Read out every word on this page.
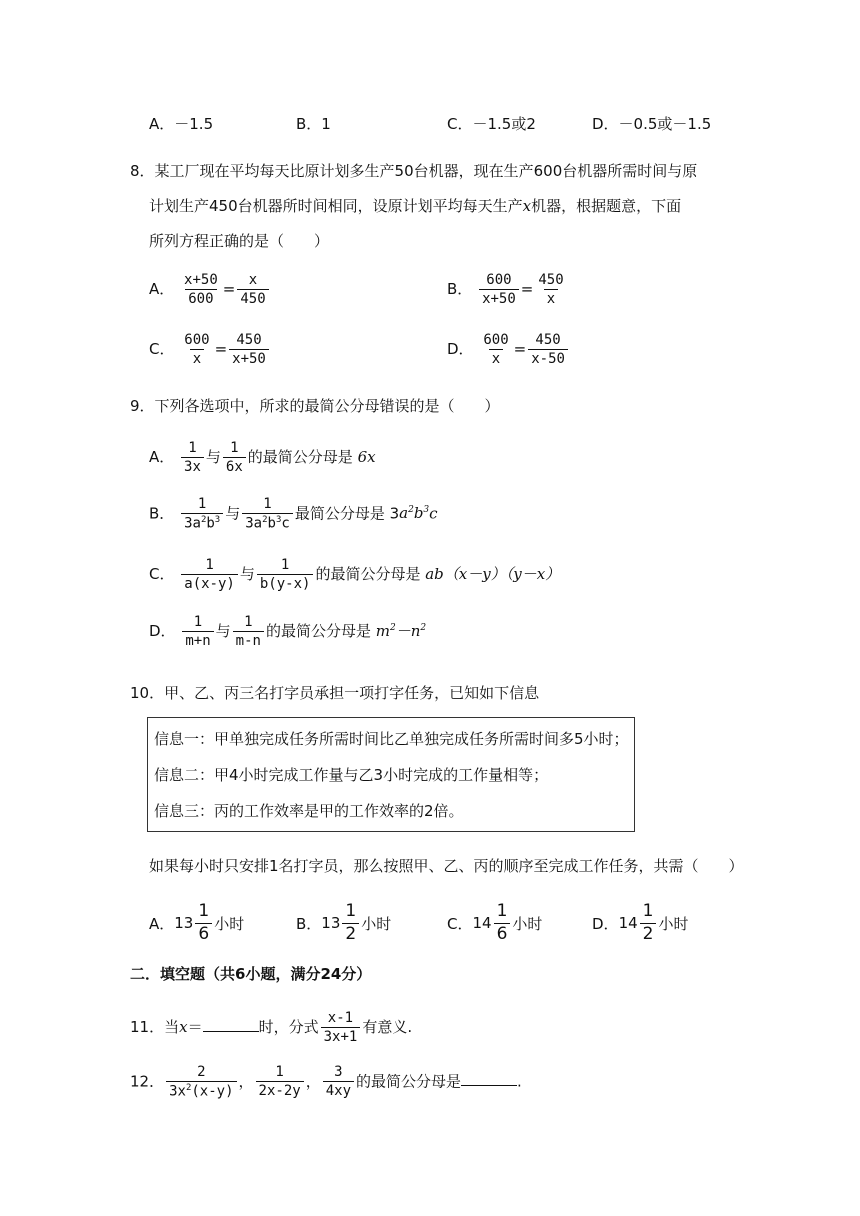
A．－1.5	B．1	C．－1.5或2	D．－0.5或－1.5
8．某工厂现在平均每天比原计划多生产50台机器，现在生产600台机器所需时间与原
计划生产450台机器所时间相同，设原计划平均每天生产x机器，根据题意，下面
所列方程正确的是（　　）
A． $\frac{x+50}{600} = \frac{x}{450}$	B． $\frac{600}{x+50} = \frac{450}{x}$
C． $\frac{600}{x} = \frac{450}{x+50}$	D． $\frac{600}{x} = \frac{450}{x-50}$
9．下列各选项中，所求的最简公分母错误的是（　　）
A． $\frac{1}{3x}$ 与 $\frac{1}{6x}$ 的最简公分母是 6x
B． $\frac{1}{3a^2b^3}$ 与 $\frac{1}{3a^2b^3c}$ 最简公分母是 $3a^2b^3c$
C． $\frac{1}{a(x-y)}$ 与 $\frac{1}{b(y-x)}$ 的最简公分母是 ab（x－y）（y－x）
D． $\frac{1}{m+n}$ 与 $\frac{1}{m-n}$ 的最简公分母是 $m^2-n^2$
10．甲、乙、丙三名打字员承担一项打字任务，已知如下信息
信息一：甲单独完成任务所需时间比乙单独完成任务所需时间多5小时；
信息二：甲4小时完成工作量与乙3小时完成的工作量相等；
信息三：丙的工作效率是甲的工作效率的2倍。
如果每小时只安排1名打字员，那么按照甲、乙、丙的顺序至完成工作任务，共需（　　）
A． 13
1
6 小时	B． 13
1
2 小时	C． 14
1
6 小时	D． 14
1
2 小时
二．填空题（共6小题，满分24分）
11．当x＝	时，分式 $\frac{x-1}{3x+1}$ 有意义.
12． $\frac{2}{3x^2(x-y)}$ ， $\frac{1}{2x-2y}$ ， $\frac{3}{4xy}$ 的最简公分母是	.
